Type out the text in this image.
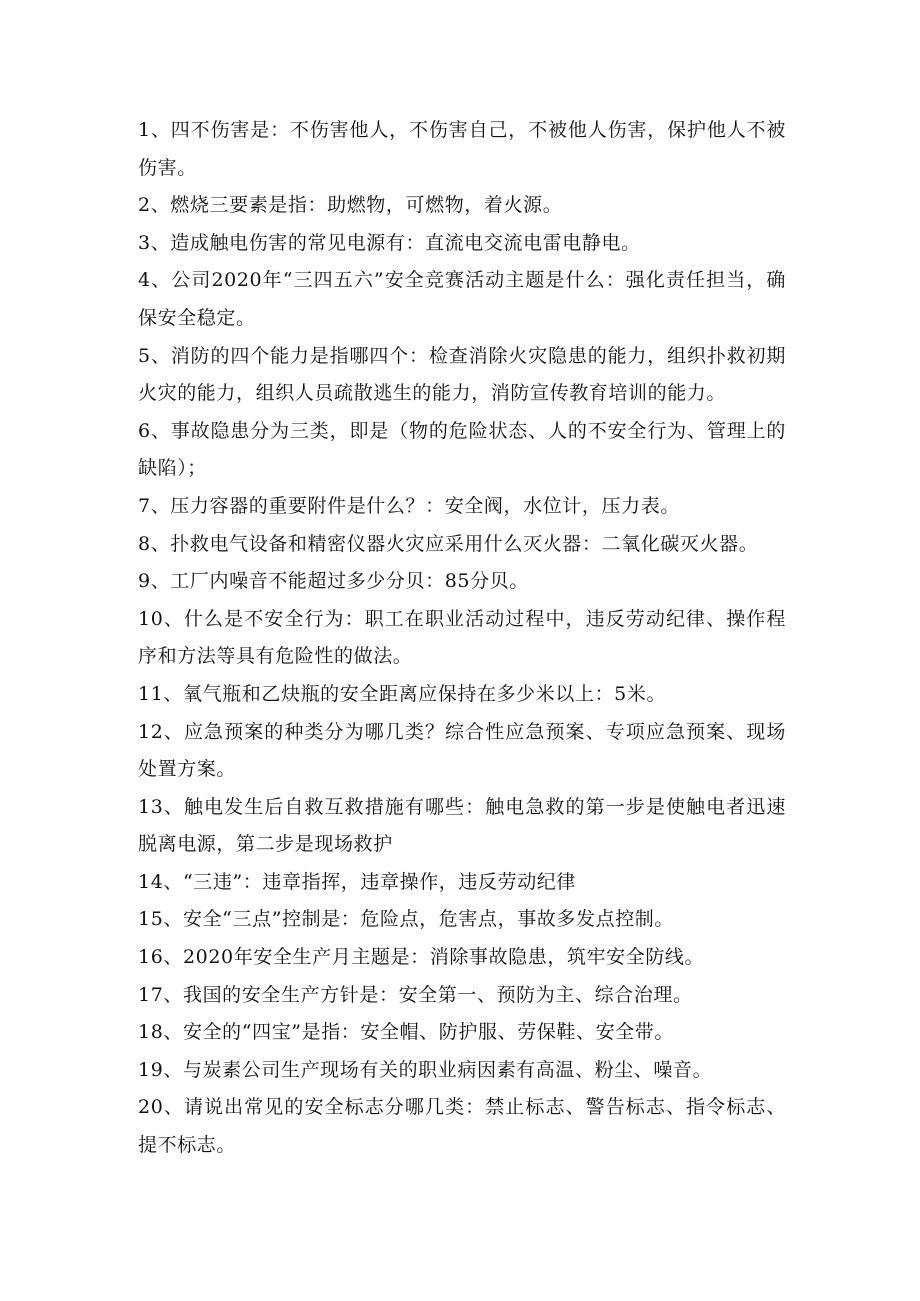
1、四不伤害是：不伤害他人，不伤害自己，不被他人伤害，保护他人不被伤害。

2、燃烧三要素是指：助燃物，可燃物，着火源。

3、造成触电伤害的常见电源有：直流电交流电雷电静电。

4、公司2020年“三四五六”安全竞赛活动主题是什么：强化责任担当，确保安全稳定。

5、消防的四个能力是指哪四个：检查消除火灾隐患的能力，组织扑救初期火灾的能力，组织人员疏散逃生的能力，消防宣传教育培训的能力。

6、事故隐患分为三类，即是（物的危险状态、人的不安全行为、管理上的缺陷）；

7、压力容器的重要附件是什么？：安全阀，水位计，压力表。

8、扑救电气设备和精密仪器火灾应采用什么灭火器：二氧化碳灭火器。

9、工厂内噪音不能超过多少分贝：85分贝。

10、什么是不安全行为：职工在职业活动过程中，违反劳动纪律、操作程序和方法等具有危险性的做法。

11、氧气瓶和乙炔瓶的安全距离应保持在多少米以上：5米。

12、应急预案的种类分为哪几类？综合性应急预案、专项应急预案、现场处置方案。

13、触电发生后自救互救措施有哪些：触电急救的第一步是使触电者迅速脱离电源，第二步是现场救护

14、“三违”：违章指挥，违章操作，违反劳动纪律

15、安全“三点”控制是：危险点，危害点，事故多发点控制。

16、2020年安全生产月主题是：消除事故隐患，筑牢安全防线。

17、我国的安全生产方针是：安全第一、预防为主、综合治理。

18、安全的“四宝”是指：安全帽、防护服、劳保鞋、安全带。

19、与炭素公司生产现场有关的职业病因素有高温、粉尘、噪音。

20、请说出常见的安全标志分哪几类：禁止标志、警告标志、指令标志、提不标志。
